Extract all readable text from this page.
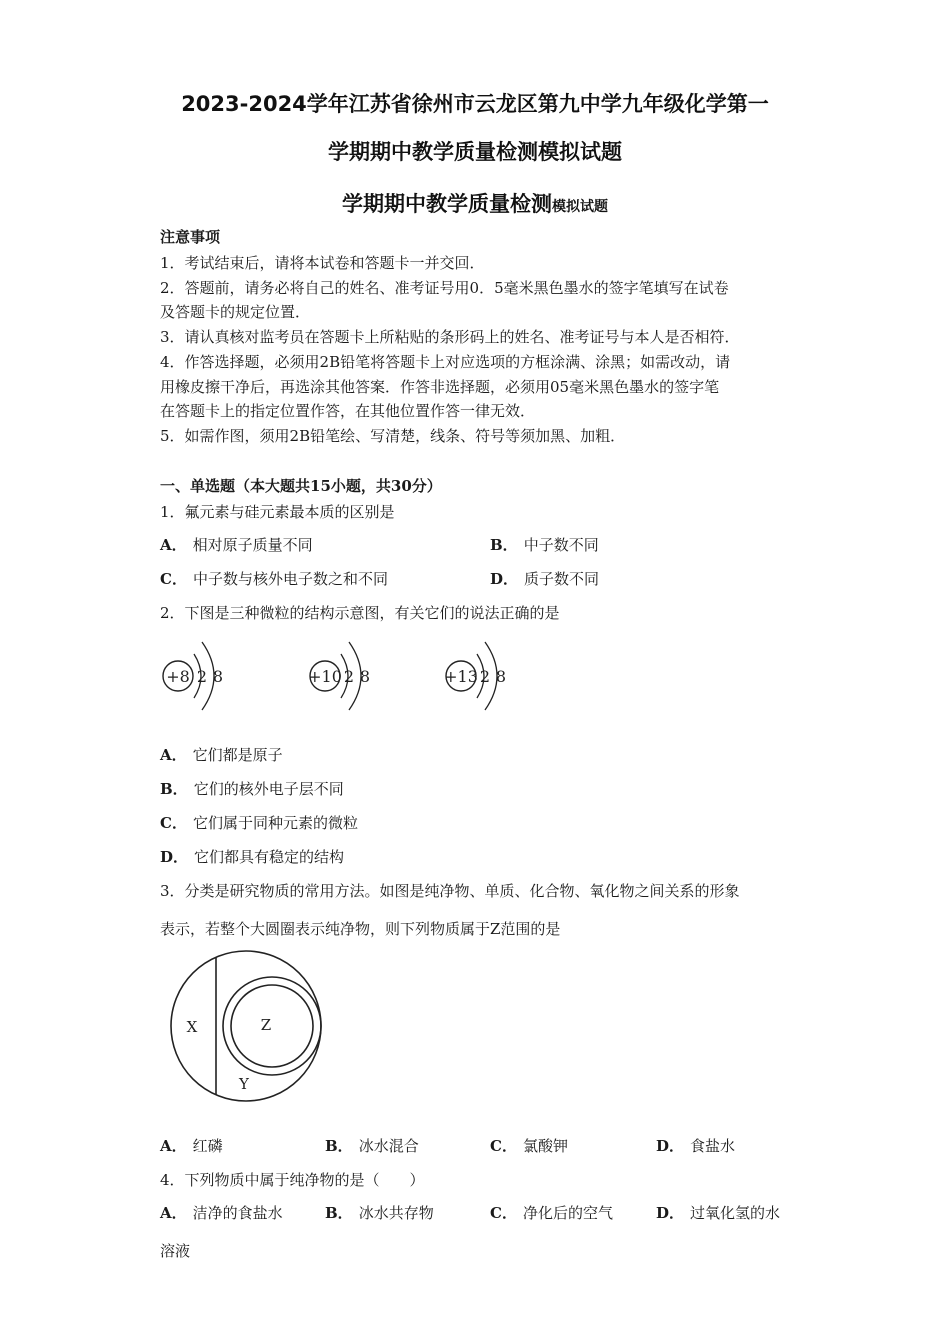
2023-2024学年江苏省徐州市云龙区第九中学九年级化学第一
学期期中教学质量检测模拟试题
学期期中教学质量检测模拟试题
注意事项
1．考试结束后，请将本试卷和答题卡一并交回．
2．答题前，请务必将自己的姓名、准考证号用0．5毫米黑色墨水的签字笔填写在试卷
及答题卡的规定位置．
3．请认真核对监考员在答题卡上所粘贴的条形码上的姓名、准考证号与本人是否相符．
4．作答选择题，必须用2B铅笔将答题卡上对应选项的方框涂满、涂黑；如需改动，请
用橡皮擦干净后，再选涂其他答案．作答非选择题，必须用05毫米黑色墨水的签字笔
在答题卡上的指定位置作答，在其他位置作答一律无效．
5．如需作图，须用2B铅笔绘、写清楚，线条、符号等须加黑、加粗．
一、单选题（本大题共15小题，共30分）
1．氟元素与硅元素最本质的区别是
A． 相对原子质量不同	B． 中子数不同
C． 中子数与核外电子数之和不同	D． 质子数不同
2．下图是三种微粒的结构示意图，有关它们的说法正确的是
+8 2 8	+10 2 8	+13 2 8
A． 它们都是原子
B． 它们的核外电子层不同
C． 它们属于同种元素的微粒
D． 它们都具有稳定的结构
3．分类是研究物质的常用方法。如图是纯净物、单质、化合物、氧化物之间关系的形象
表示，若整个大圆圈表示纯净物，则下列物质属于Z范围的是
X	Z
Y
A． 红磷	B． 冰水混合	C． 氯酸钾	D． 食盐水
4．下列物质中属于纯净物的是（　　）
A． 洁净的食盐水	B． 冰水共存物	C． 净化后的空气	D． 过氧化氢的水
溶液
